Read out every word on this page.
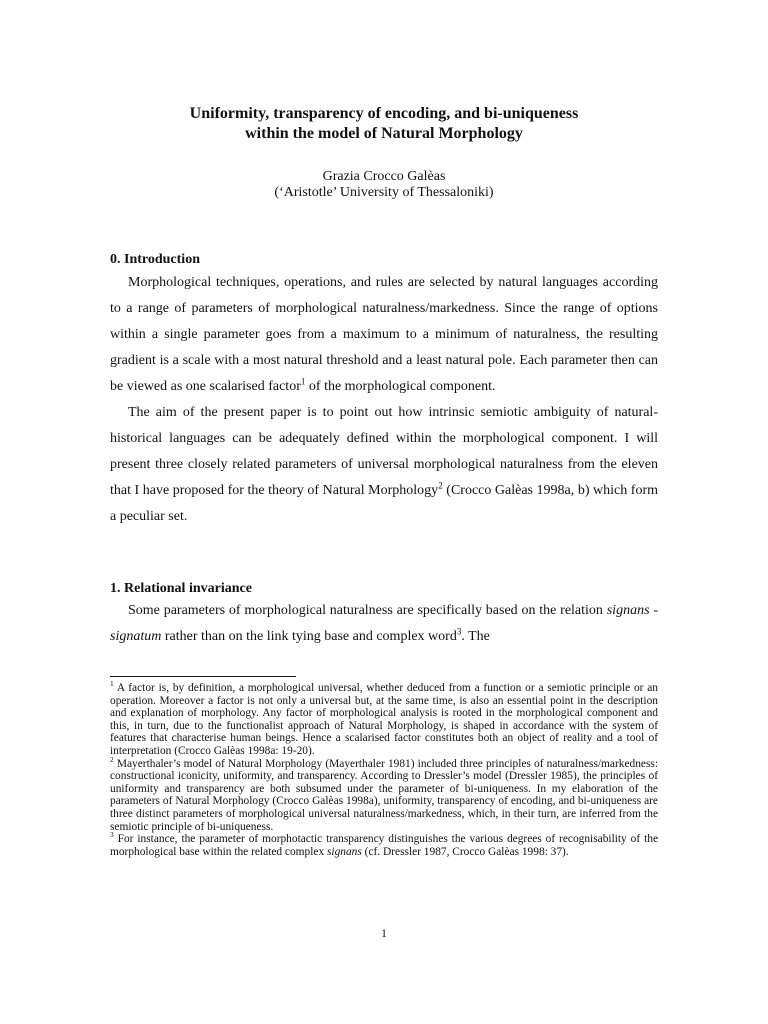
Uniformity, transparency of encoding, and bi-uniqueness
within the model of Natural Morphology
Grazia Crocco Galèas
(‘Aristotle’ University of Thessaloniki)
0. Introduction

Morphological techniques, operations, and rules are selected by natural languages according to a range of parameters of morphological naturalness/markedness. Since the range of options within a single parameter goes from a maximum to a minimum of naturalness, the resulting gradient is a scale with a most natural threshold and a least natural pole. Each parameter then can be viewed as one scalarised factor$^1$ of the morphological component.

The aim of the present paper is to point out how intrinsic semiotic ambiguity of natural-historical languages can be adequately defined within the morphological component. I will present three closely related parameters of universal morphological naturalness from the eleven that I have proposed for the theory of Natural Morphology$^2$ (Crocco Galèas 1998a, b) which form a peculiar set.

1. Relational invariance

Some parameters of morphological naturalness are specifically based on the relation signans - signatum rather than on the link tying base and complex word$^3$. The

$^1$ A factor is, by definition, a morphological universal, whether deduced from a function or a semiotic principle or an operation. Moreover a factor is not only a universal but, at the same time, is also an essential point in the description and explanation of morphology. Any factor of morphological analysis is rooted in the morphological component and this, in turn, due to the functionalist approach of Natural Morphology, is shaped in accordance with the system of features that characterise human beings. Hence a scalarised factor constitutes both an object of reality and a tool of interpretation (Crocco Galèas 1998a: 19-20).

$^2$ Mayerthaler’s model of Natural Morphology (Mayerthaler 1981) included three principles of naturalness/markedness: constructional iconicity, uniformity, and transparency. According to Dressler’s model (Dressler 1985), the principles of uniformity and transparency are both subsumed under the parameter of bi-uniqueness. In my elaboration of the parameters of Natural Morphology (Crocco Galèas 1998a), uniformity, transparency of encoding, and bi-uniqueness are three distinct parameters of morphological universal naturalness/markedness, which, in their turn, are inferred from the semiotic principle of bi-uniqueness.

$^3$ For instance, the parameter of morphotactic transparency distinguishes the various degrees of recognisability of the morphological base within the related complex signans (cf. Dressler 1987, Crocco Galèas 1998: 37).

1
